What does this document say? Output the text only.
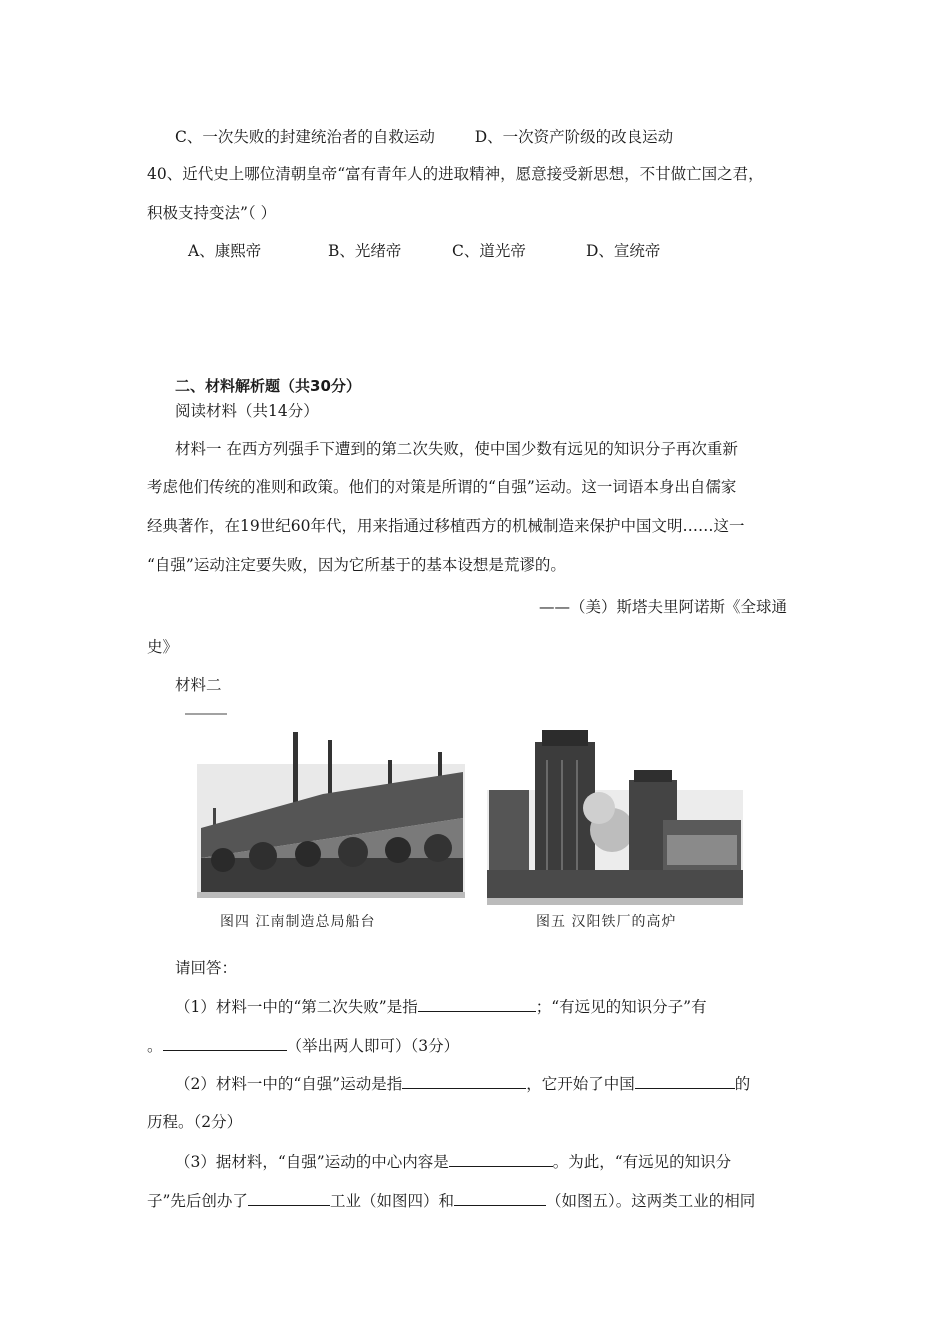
C、一次失败的封建统治者的自救运动	D、一次资产阶级的改良运动
40、近代史上哪位清朝皇帝“富有青年人的进取精神，愿意接受新思想，不甘做亡国之君，
积极支持变法”（ ）
A、康熙帝	B、光绪帝	C、道光帝	D、宣统帝
二、材料解析题（共30分）
阅读材料（共14分）
材料一 在西方列强手下遭到的第二次失败，使中国少数有远见的知识分子再次重新
考虑他们传统的准则和政策。他们的对策是所谓的“自强”运动。这一词语本身出自儒家
经典著作，在19世纪60年代，用来指通过移植西方的机械制造来保护中国文明……这一
“自强”运动注定要失败，因为它所基于的基本设想是荒谬的。
——（美）斯塔夫里阿诺斯《全球通
史》
材料二
图四 江南制造总局船台	图五 汉阳铁厂的高炉
请回答：
（1）材料一中的“第二次失败”是指	；“有远见的知识分子”有
。	（举出两人即可）（3分）
（2）材料一中的“自强”运动是指	，它开始了中国	的
历程。（2分）
（3）据材料，“自强”运动的中心内容是	。为此，“有远见的知识分
子”先后创办了	工业（如图四）和	（如图五）。这两类工业的相同
